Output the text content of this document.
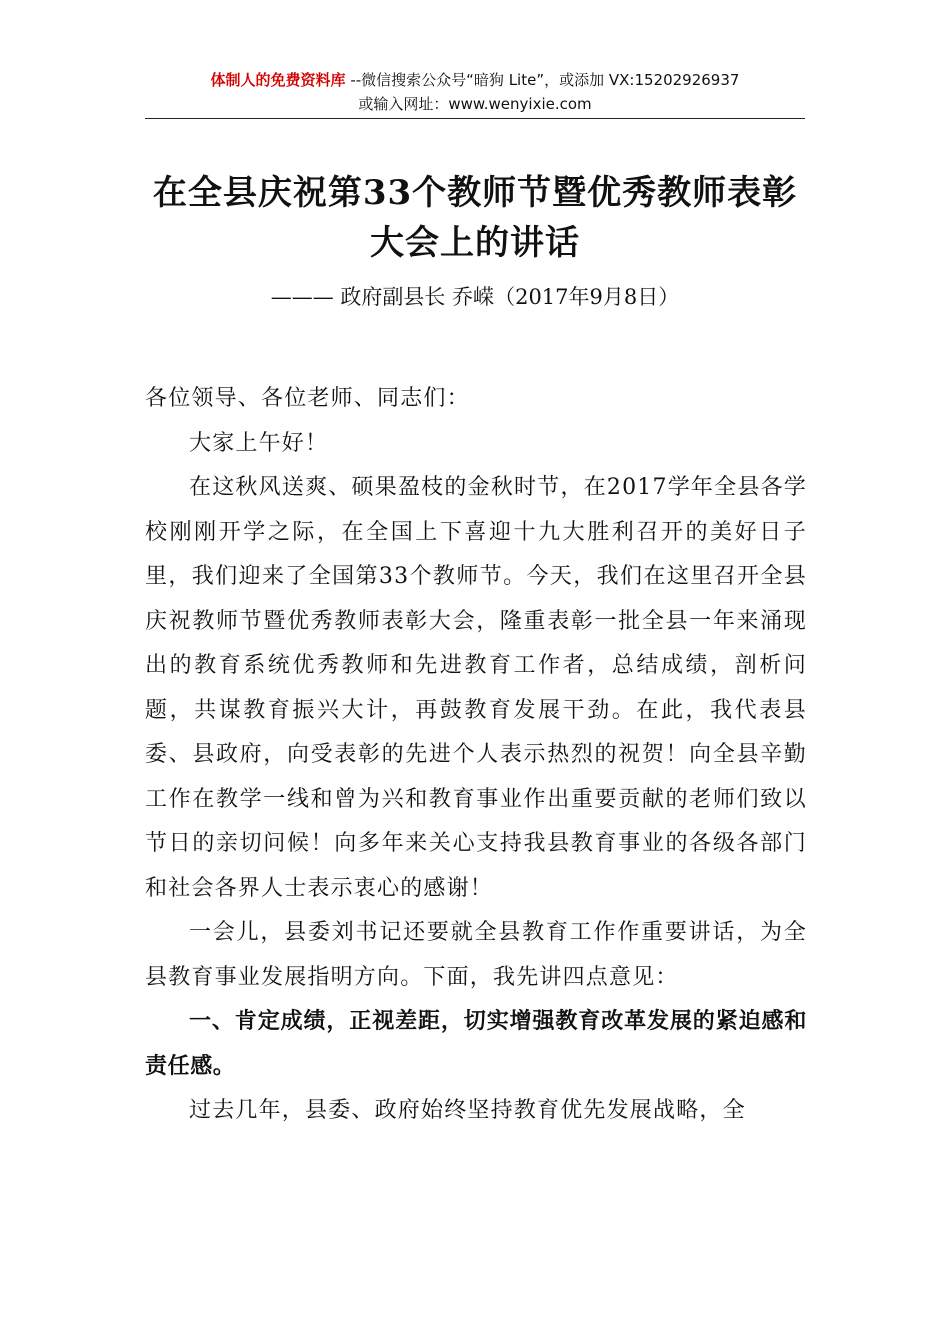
体制人的免费资料库 --微信搜索公众号“暗狗 Lite”，或添加 VX:15202926937
或输入网址：www.wenyixie.com
在全县庆祝第33个教师节暨优秀教师表彰
大会上的讲话
——— 政府副县长 乔嵘（2017年9月8日）

各位领导、各位老师、同志们：

大家上午好！

在这秋风送爽、硕果盈枝的金秋时节，在2017学年全县各学校刚刚开学之际，在全国上下喜迎十九大胜利召开的美好日子里，我们迎来了全国第33个教师节。今天，我们在这里召开全县庆祝教师节暨优秀教师表彰大会，隆重表彰一批全县一年来涌现出的教育系统优秀教师和先进教育工作者，总结成绩，剖析问题，共谋教育振兴大计，再鼓教育发展干劲。在此，我代表县委、县政府，向受表彰的先进个人表示热烈的祝贺！向全县辛勤工作在教学一线和曾为兴和教育事业作出重要贡献的老师们致以节日的亲切问候！向多年来关心支持我县教育事业的各级各部门和社会各界人士表示衷心的感谢！

一会儿，县委刘书记还要就全县教育工作作重要讲话，为全县教育事业发展指明方向。下面，我先讲四点意见：

一、肯定成绩，正视差距，切实增强教育改革发展的紧迫感和责任感。

过去几年，县委、政府始终坚持教育优先发展战略，全
